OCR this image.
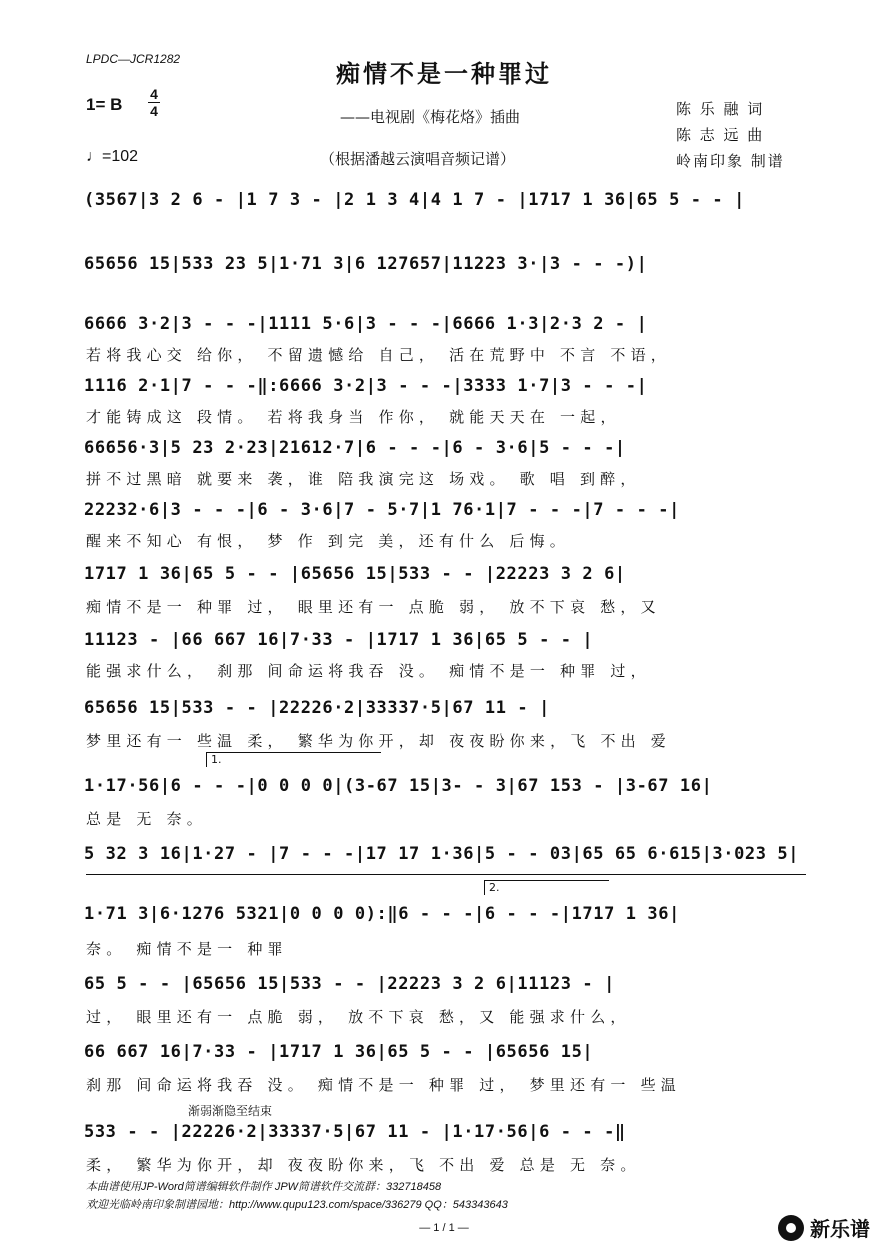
LPDC—JCR1282	痴情不是一种罪过
——电视剧《梅花烙》插曲
（根据潘越云演唱音频记谱）
1= B
4
4
♩=102
陈 乐 融 词
陈 志 远 曲
岭南印象 制谱
(3567|3 2 6 - |1 7 3 - |2 1 3 4|4 1 7 - |1717 1 36|65 5 - - |
65656 15|533 23 5|1·71 3|6 127657|11223 3·|3 - - -)|
6666 3·2|3 - - -|1111 5·6|3 - - -|6666 1·3|2·3 2 - |
若将我心交 给你， 不留遗憾给 自己， 活在荒野中 不言 不语，
1116 2·1|7 - - -‖:6666 3·2|3 - - -|3333 1·7|3 - - -|
才能铸成这 段情。 若将我身当 作你， 就能天天在 一起，
66656·3|5 23 2·23|21612·7|6 - - -|6 - 3·6|5 - - -|
拼不过黑暗 就要来 袭，谁 陪我演完这 场戏。 歌 唱 到醉，
22232·6|3 - - -|6 - 3·6|7 - 5·7|1 76·1|7 - - -|7 - - -|
醒来不知心 有恨， 梦 作 到完 美，还有什么 后悔。
1717 1 36|65 5 - - |65656 15|533 - - |22223 3 2 6|
痴情不是一 种罪 过， 眼里还有一 点脆 弱， 放不下哀 愁，又
11123 - |66 667 16|7·33 - |1717 1 36|65 5 - - |
能强求什么， 刹那 间命运将我吞 没。 痴情不是一 种罪 过，
65656 15|533 - - |22226·2|33337·5|67 11 - |
梦里还有一 些温 柔， 繁华为你开，却 夜夜盼你来，飞 不出 爱
1.
1·17·56|6 - - -|0 0 0 0|(3-67 15|3- - 3|67 153 - |3-67 16|
总是 无 奈。
5 32 3 16|1·27 - |7 - - -|17 17 1·36|5 - - 03|65 65 6·615|3·023 5|
2.
1·71 3|6·1276 5321|0 0 0 0):‖6 - - -|6 - - -|1717 1 36|
奈。 痴情不是一 种罪
65 5 - - |65656 15|533 - - |22223 3 2 6|11123 - |
过， 眼里还有一 点脆 弱， 放不下哀 愁，又 能强求什么，
66 667 16|7·33 - |1717 1 36|65 5 - - |65656 15|
刹那 间命运将我吞 没。 痴情不是一 种罪 过， 梦里还有一 些温
渐弱渐隐至结束
533 - - |22226·2|33337·5|67 11 - |1·17·56|6 - - -‖
柔， 繁华为你开，却 夜夜盼你来，飞 不出 爱 总是 无 奈。
本曲谱使用JP-Word简谱编辑软件制作 JPW简谱软件交流群：332718458
欢迎光临岭南印象制谱园地：http://www.qupu123.com/space/336279 QQ：543343643
— 1 / 1 —	新乐谱
